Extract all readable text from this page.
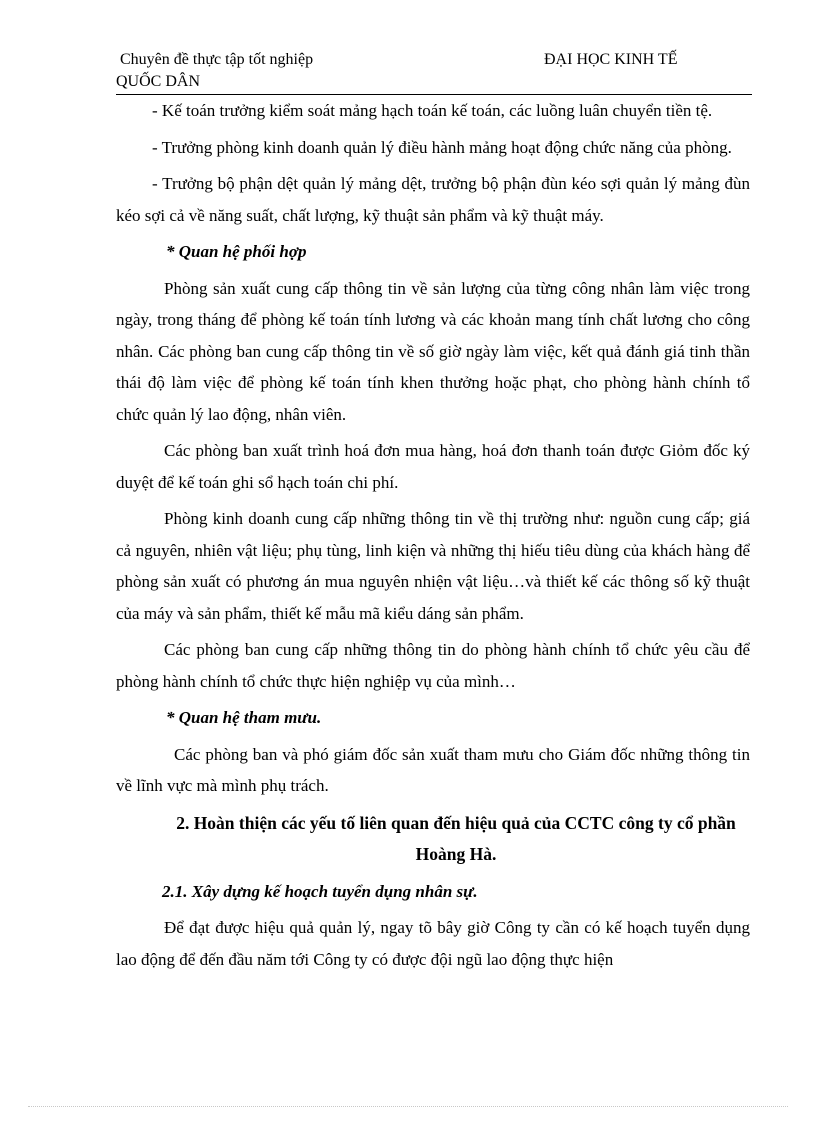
Chuyên đề thực tập tốt nghiệp	ĐẠI HỌC KINH TẾ
QUỐC DÂN

- Kế toán trưởng kiểm soát mảng hạch toán kế toán, các luồng luân chuyển tiền tệ.

- Trưởng phòng kinh doanh quản lý điều hành mảng hoạt động chức năng của phòng.

- Trưởng bộ phận dệt quản lý mảng dệt, trưởng bộ phận đùn kéo sợi quản lý mảng đùn kéo sợi cả về năng suất, chất lượng, kỹ thuật sản phẩm và kỹ thuật máy.

* Quan hệ phối hợp

Phòng sản xuất cung cấp thông tin về sản lượng của từng công nhân làm việc trong ngày, trong tháng để phòng kế toán tính lương và các khoản mang tính chất lương cho công nhân. Các phòng ban cung cấp thông tin về số giờ ngày làm việc, kết quả đánh giá tinh thần thái độ làm việc để phòng kế toán tính khen thưởng hoặc phạt, cho phòng hành chính tổ chức quản lý lao động, nhân viên.

Các phòng ban xuất trình hoá đơn mua hàng, hoá đơn thanh toán được Giỏm đốc ký duyệt để kế toán ghi sổ hạch toán chi phí.

Phòng kinh doanh cung cấp những thông tin về thị trường như: nguồn cung cấp; giá cả nguyên, nhiên vật liệu; phụ tùng, linh kiện và những thị hiếu tiêu dùng của khách hàng để phòng sản xuất có phương án mua nguyên nhiện vật liệu…và thiết kế các thông số kỹ thuật của máy và sản phẩm, thiết kế mẫu mã kiểu dáng sản phẩm.

Các phòng ban cung cấp những thông tin do phòng hành chính tổ chức yêu cầu để phòng hành chính tổ chức thực hiện nghiệp vụ của mình…

* Quan hệ tham mưu.

Các phòng ban và phó giám đốc sản xuất tham mưu cho Giám đốc những thông tin về lĩnh vực mà mình phụ trách.

2. Hoàn thiện các yếu tố liên quan đến hiệu quả của CCTC công ty cổ phần Hoàng Hà.

2.1. Xây dựng kế hoạch tuyển dụng nhân sự.

Để đạt được hiệu quả quản lý, ngay tõ bây giờ Công ty cần có kế hoạch tuyển dụng lao động để đến đầu năm tới Công ty có được đội ngũ lao động thực hiện
